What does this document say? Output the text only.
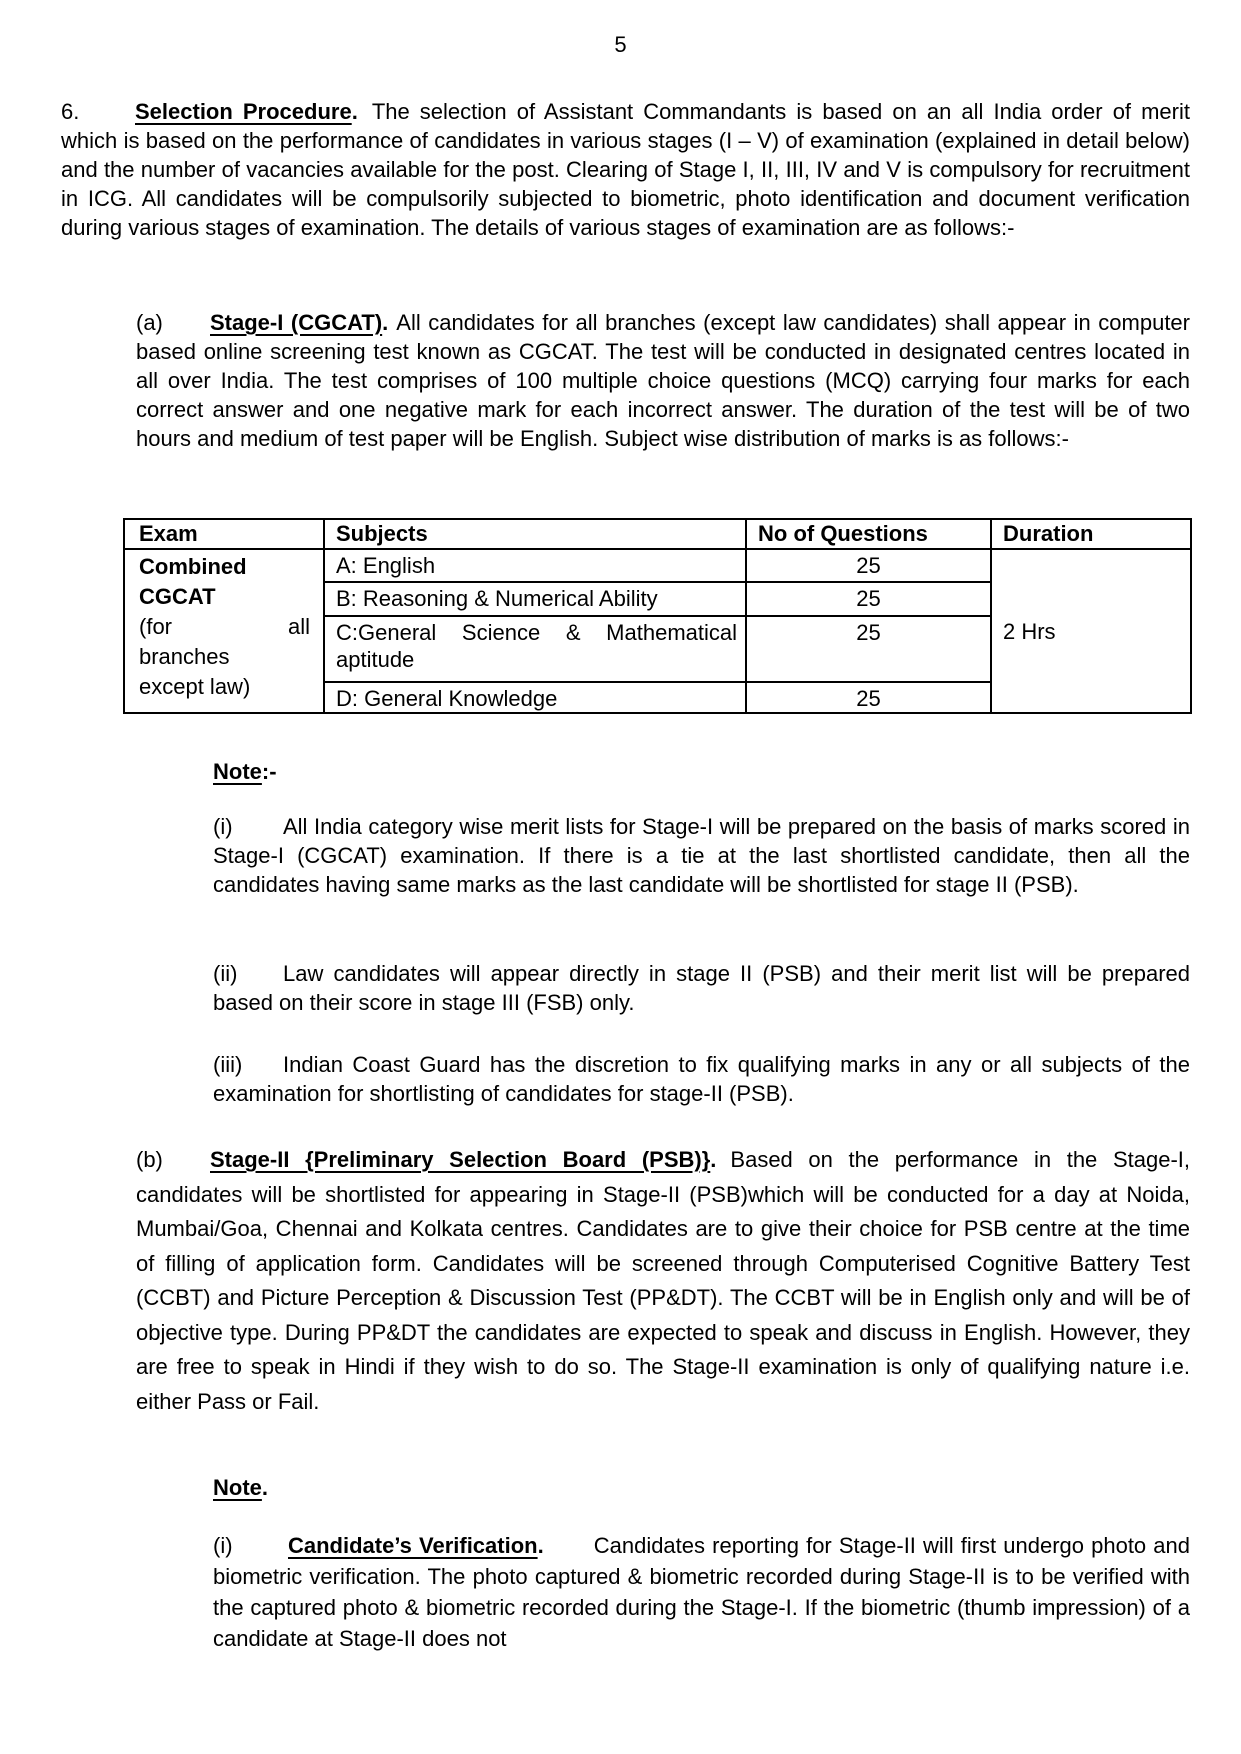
5
6.	Selection Procedure. The selection of Assistant Commandants is based on an all India order of merit which is based on the performance of candidates in various stages (I – V) of examination (explained in detail below) and the number of vacancies available for the post. Clearing of Stage I, II, III, IV and V is compulsory for recruitment in ICG. All candidates will be compulsorily subjected to biometric, photo identification and document verification during various stages of examination. The details of various stages of examination are as follows:-
(a) Stage-I (CGCAT). All candidates for all branches (except law candidates) shall appear in computer based online screening test known as CGCAT. The test will be conducted in designated centres located in all over India. The test comprises of 100 multiple choice questions (MCQ) carrying four marks for each correct answer and one negative mark for each incorrect answer. The duration of the test will be of two hours and medium of test paper will be English. Subject wise distribution of marks is as follows:-
Exam	Subjects	No of Questions	Duration

Combined
CGCAT
(for all
branches
except law)	A: English	25	2 Hrs
	B: Reasoning & Numerical Ability	25	
	C:General Science & Mathematical aptitude	25	
	D: General Knowledge	25	
Note:-
(i) All India category wise merit lists for Stage-I will be prepared on the basis of marks scored in Stage-I (CGCAT) examination. If there is a tie at the last shortlisted candidate, then all the candidates having same marks as the last candidate will be shortlisted for stage II (PSB).
(ii) Law candidates will appear directly in stage II (PSB) and their merit list will be prepared based on their score in stage III (FSB) only.
(iii) Indian Coast Guard has the discretion to fix qualifying marks in any or all subjects of the examination for shortlisting of candidates for stage-II (PSB).
(b) Stage-II {Preliminary Selection Board (PSB)}. Based on the performance in the Stage-I, candidates will be shortlisted for appearing in Stage-II (PSB)which will be conducted for a day at Noida, Mumbai/Goa, Chennai and Kolkata centres. Candidates are to give their choice for PSB centre at the time of filling of application form. Candidates will be screened through Computerised Cognitive Battery Test (CCBT) and Picture Perception & Discussion Test (PP&DT). The CCBT will be in English only and will be of objective type. During PP&DT the candidates are expected to speak and discuss in English. However, they are free to speak in Hindi if they wish to do so. The Stage-II examination is only of qualifying nature i.e. either Pass or Fail.
Note.
(i)	Candidate’s Verification. Candidates reporting for Stage-II will first undergo photo and biometric verification. The photo captured & biometric recorded during Stage-II is to be verified with the captured photo & biometric recorded during the Stage-I. If the biometric (thumb impression) of a candidate at Stage-II does not
